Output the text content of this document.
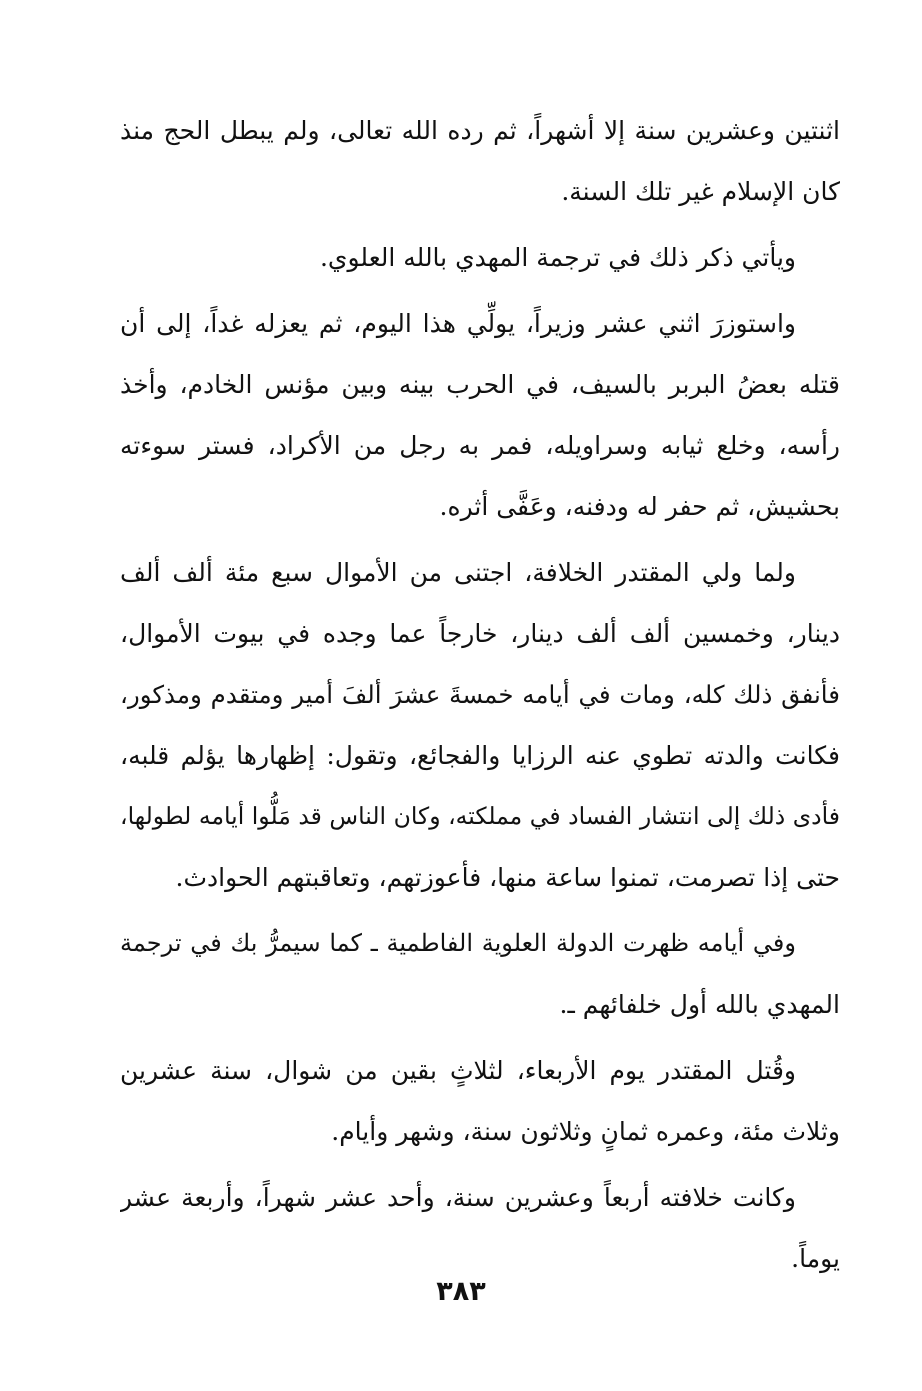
اثنتين وعشرين سنة إلا أشهراً، ثم رده الله تعالى، ولم يبطل الحج منذ
كان الإسلام غير تلك السنة.
ويأتي ذكر ذلك في ترجمة المهدي بالله العلوي.
واستوزرَ اثني عشر وزيراً، يولِّي هذا اليوم، ثم يعزله غداً، إلى أن
قتله بعضُ البربر بالسيف، في الحرب بينه وبين مؤنس الخادم، وأخذ
رأسه، وخلع ثيابه وسراويله، فمر به رجل من الأكراد، فستر سوءته
بحشيش، ثم حفر له ودفنه، وعَفَّى أثره.
ولما ولي المقتدر الخلافة، اجتنى من الأموال سبع مئة ألف ألف
دينار، وخمسين ألف ألف دينار، خارجاً عما وجده في بيوت الأموال،
فأنفق ذلك كله، ومات في أيامه خمسةَ عشرَ ألفَ أمير ومتقدم ومذكور،
فكانت والدته تطوي عنه الرزايا والفجائع، وتقول: إظهارها يؤلم قلبه،
فأدى ذلك إلى انتشار الفساد في مملكته، وكان الناس قد مَلُّوا أيامه لطولها،
حتى إذا تصرمت، تمنوا ساعة منها، فأعوزتهم، وتعاقبتهم الحوادث.
وفي أيامه ظهرت الدولة العلوية الفاطمية ـ كما سيمرُّ بك في ترجمة
المهدي بالله أول خلفائهم ـ.
وقُتل المقتدر يوم الأربعاء، لثلاثٍ بقين من شوال، سنة عشرين
وثلاث مئة، وعمره ثمانٍ وثلاثون سنة، وشهر وأيام.
وكانت خلافته أربعاً وعشرين سنة، وأحد عشر شهراً، وأربعة عشر
يوماً.
٣٨٣
